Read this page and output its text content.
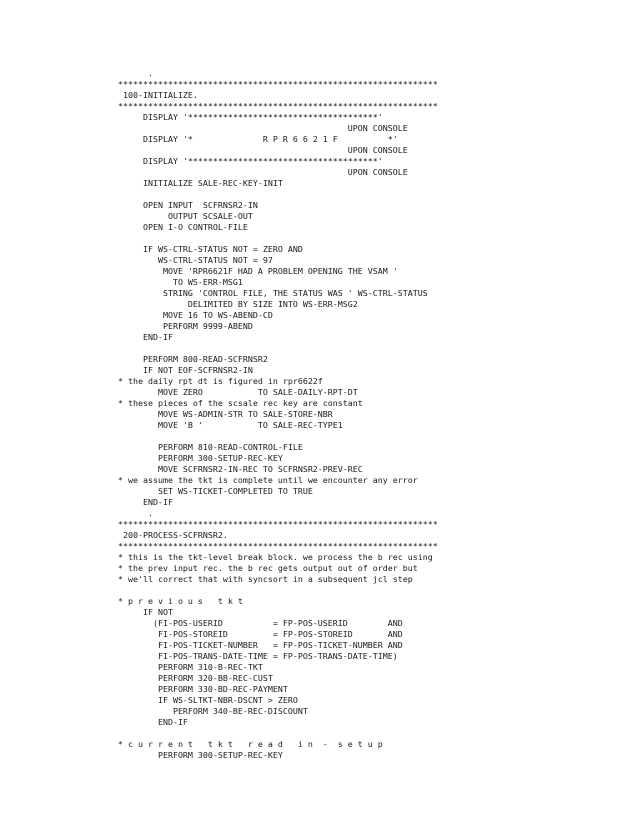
.
****************************************************************
100-INITIALIZE.
****************************************************************
DISPLAY '**************************************'
UPON CONSOLE
DISPLAY '*              R P R 6 6 2 1 F          *'
UPON CONSOLE
DISPLAY '**************************************'
UPON CONSOLE
INITIALIZE SALE-REC-KEY-INIT
OPEN INPUT  SCFRNSR2-IN
OUTPUT SCSALE-OUT
OPEN I-O CONTROL-FILE
IF WS-CTRL-STATUS NOT = ZERO AND
WS-CTRL-STATUS NOT = 97
MOVE 'RPR6621F HAD A PROBLEM OPENING THE VSAM '
TO WS-ERR-MSG1
STRING 'CONTROL FILE, THE STATUS WAS ' WS-CTRL-STATUS
DELIMITED BY SIZE INTO WS-ERR-MSG2
MOVE 16 TO WS-ABEND-CD
PERFORM 9999-ABEND
END-IF
PERFORM 800-READ-SCFRNSR2
IF NOT EOF-SCFRNSR2-IN
* the daily rpt dt is figured in rpr6622f
MOVE ZERO           TO SALE-DAILY-RPT-DT
* these pieces of the scsale rec key are constant
MOVE WS-ADMIN-STR TO SALE-STORE-NBR
MOVE 'B '           TO SALE-REC-TYPE1
PERFORM 810-READ-CONTROL-FILE
PERFORM 300-SETUP-REC-KEY
MOVE SCFRNSR2-IN-REC TO SCFRNSR2-PREV-REC
* we assume the tkt is complete until we encounter any error
SET WS-TICKET-COMPLETED TO TRUE
END-IF
.
****************************************************************
200-PROCESS-SCFRNSR2.
****************************************************************
* this is the tkt-level break block. we process the b rec using
* the prev input rec. the b rec gets output out of order but
* we'll correct that with syncsort in a subsequent jcl step
* p r e v i o u s   t k t
IF NOT
(FI-POS-USERID          = FP-POS-USERID        AND
FI-POS-STOREID         = FP-POS-STOREID       AND
FI-POS-TICKET-NUMBER   = FP-POS-TICKET-NUMBER AND
FI-POS-TRANS-DATE-TIME = FP-POS-TRANS-DATE-TIME)
PERFORM 310-B-REC-TKT
PERFORM 320-BB-REC-CUST
PERFORM 330-BD-REC-PAYMENT
IF WS-SLTKT-NBR-DSCNT > ZERO
PERFORM 340-BE-REC-DISCOUNT
END-IF
* c u r r e n t   t k t   r e a d   i n  -  s e t u p
PERFORM 300-SETUP-REC-KEY
